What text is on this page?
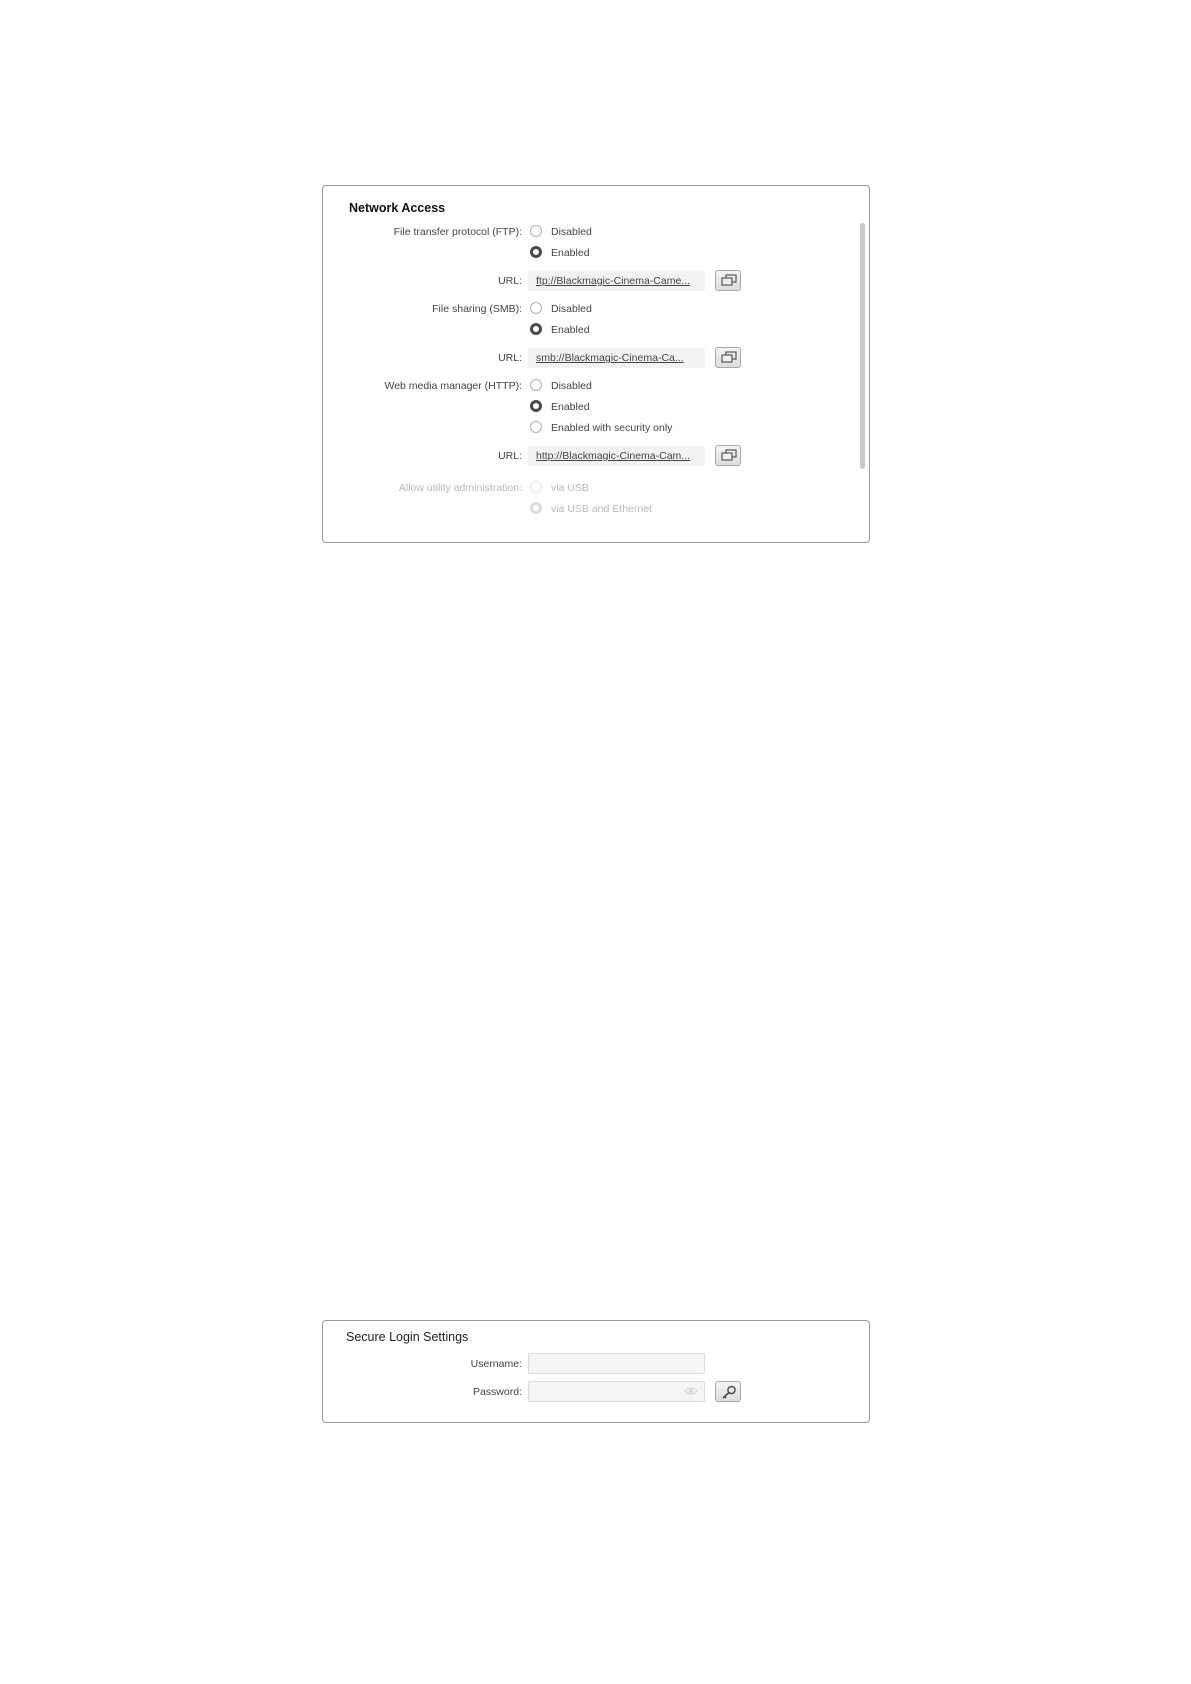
Network Access
File transfer protocol (FTP):	Disabled
Enabled
URL:	ftp://Blackmagic-Cinema-Came...
File sharing (SMB):	Disabled
Enabled
URL:	smb://Blackmagic-Cinema-Ca...
Web media manager (HTTP):	Disabled
Enabled
Enabled with security only
URL:	http://Blackmagic-Cinema-Cam...
Allow utility administration:	via USB
via USB and Ethernet
Secure Login Settings
Username:
Password:
